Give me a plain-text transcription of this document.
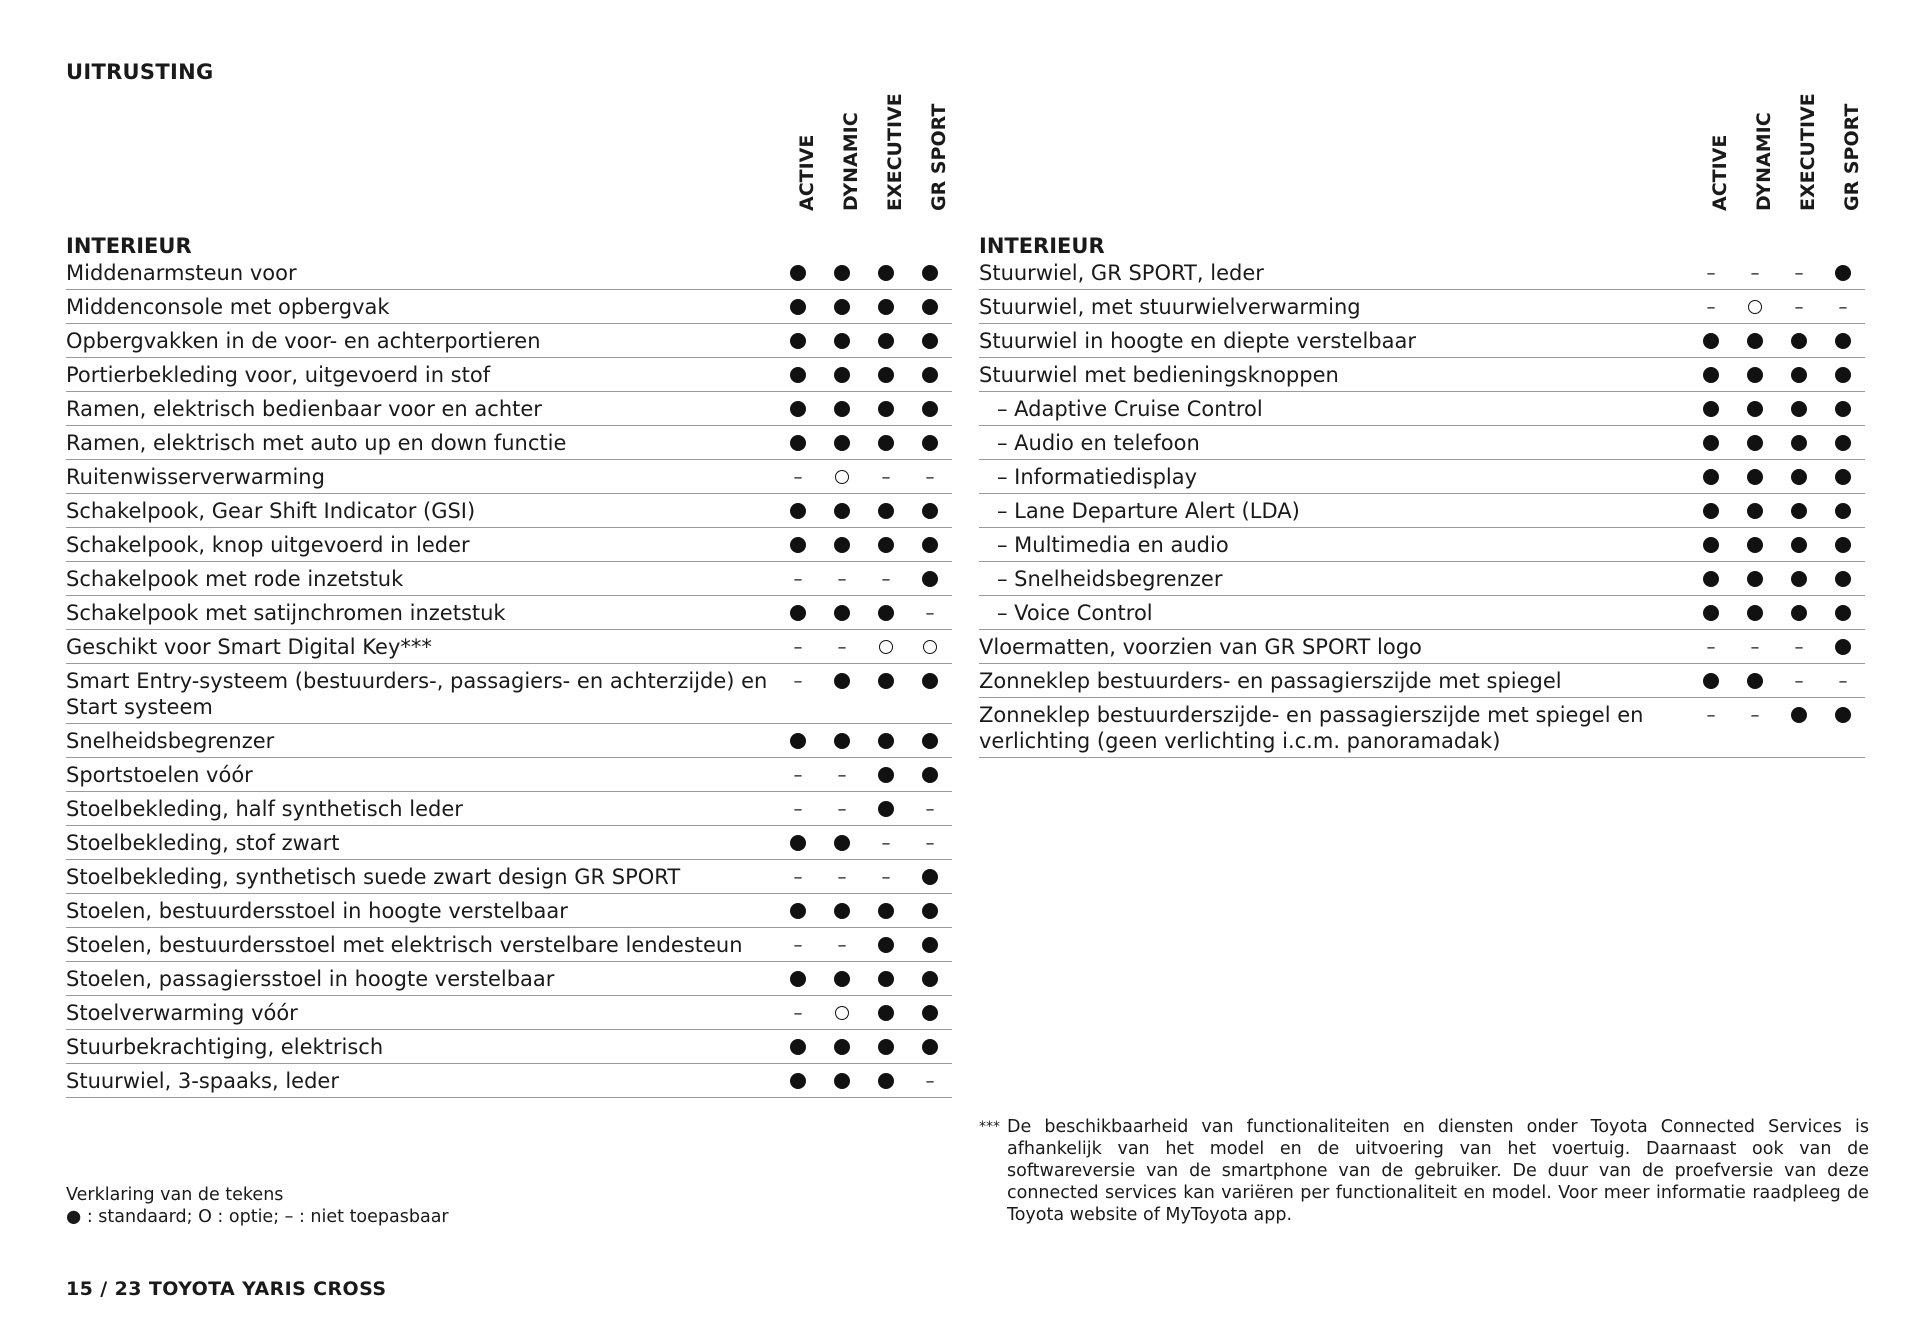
UITRUSTING
ACTIVE DYNAMIC EXECUTIVE GR SPORT
INTERIEUR
Middenarmsteun voor
Middenconsole met opbergvak
Opbergvakken in de voor- en achterportieren
Portierbekleding voor, uitgevoerd in stof
Ramen, elektrisch bedienbaar voor en achter
Ramen, elektrisch met auto up en down functie
Ruitenwisserverwarming
–
–
–
Schakelpook, Gear Shift Indicator (GSI)
Schakelpook, knop uitgevoerd in leder
Schakelpook met rode inzetstuk
–
–
–
Schakelpook met satijnchromen inzetstuk
–
Geschikt voor Smart Digital Key***
–
–
Smart Entry-systeem (bestuurders-, passagiers- en achterzijde) en Start systeem
–
Snelheidsbegrenzer
Sportstoelen vóór
–
–
Stoelbekleding, half synthetisch leder
–
–
–
Stoelbekleding, stof zwart
–
–
Stoelbekleding, synthetisch suede zwart design GR SPORT
–
–
–
Stoelen, bestuurdersstoel in hoogte verstelbaar
Stoelen, bestuurdersstoel met elektrisch verstelbare lendesteun
–
–
Stoelen, passagiersstoel in hoogte verstelbaar
Stoelverwarming vóór
–
Stuurbekrachtiging, elektrisch
Stuurwiel, 3-spaaks, leder
–
ACTIVE DYNAMIC EXECUTIVE GR SPORT
INTERIEUR
Stuurwiel, GR SPORT, leder
–
–
–
Stuurwiel, met stuurwielverwarming
–
–
–
Stuurwiel in hoogte en diepte verstelbaar
Stuurwiel met bedieningsknoppen
– Adaptive Cruise Control
– Audio en telefoon
– Informatiedisplay
– Lane Departure Alert (LDA)
– Multimedia en audio
– Snelheidsbegrenzer
– Voice Control
Vloermatten, voorzien van GR SPORT logo
–
–
–
Zonneklep bestuurders- en passagierszijde met spiegel
–
–
Zonneklep bestuurderszijde- en passagierszijde met spiegel en verlichting (geen verlichting i.c.m. panoramadak)
–
–
*** De beschikbaarheid van functionaliteiten en diensten onder Toyota Connected Services is afhankelijk van het model en de uitvoering van het voertuig. Daarnaast ook van de softwareversie van de smartphone van de gebruiker. De duur van de proefversie van deze connected services kan variëren per functionaliteit en model. Voor meer informatie raadpleeg de Toyota website of MyToyota app.
Verklaring van de tekens
● : standaard; O : optie; – : niet toepasbaar
15 / 23 TOYOTA YARIS CROSS
